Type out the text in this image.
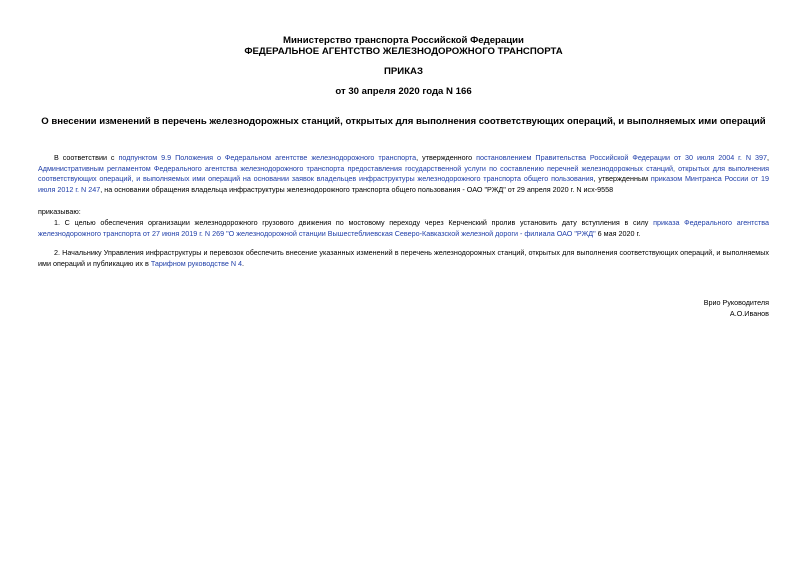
Министерство транспорта Российской Федерации
ФЕДЕРАЛЬНОЕ АГЕНТСТВО ЖЕЛЕЗНОДОРОЖНОГО ТРАНСПОРТА
ПРИКАЗ
от 30 апреля 2020 года N 166
О внесении изменений в перечень железнодорожных станций, открытых для выполнения соответствующих операций, и выполняемых ими операций
В соответствии с подпунктом 9.9 Положения о Федеральном агентстве железнодорожного транспорта, утвержденного постановлением Правительства Российской Федерации от 30 июля 2004 г. N 397, Административным регламентом Федерального агентства железнодорожного транспорта предоставления государственной услуги по составлению перечней железнодорожных станций, открытых для выполнения соответствующих операций, и выполняемых ими операций на основании заявок владельцев инфраструктуры железнодорожного транспорта общего пользования, утвержденным приказом Минтранса России от 19 июля 2012 г. N 247, на основании обращения владельца инфраструктуры железнодорожного транспорта общего пользования - ОАО "РЖД" от 29 апреля 2020 г. N исх-9558
приказываю:
1. С целью обеспечения организации железнодорожного грузового движения по мостовому переходу через Керченский пролив установить дату вступления в силу приказа Федерального агентства железнодорожного транспорта от 27 июня 2019 г. N 269 "О железнодорожной станции Вышестеблиевская Северо-Кавказской железной дороги - филиала ОАО "РЖД" 6 мая 2020 г.
2. Начальнику Управления инфраструктуры и перевозок обеспечить внесение указанных изменений в перечень железнодорожных станций, открытых для выполнения соответствующих операций, и выполняемых ими операций и публикацию их в Тарифном руководстве N 4.
Врио Руководителя
А.О.Иванов
